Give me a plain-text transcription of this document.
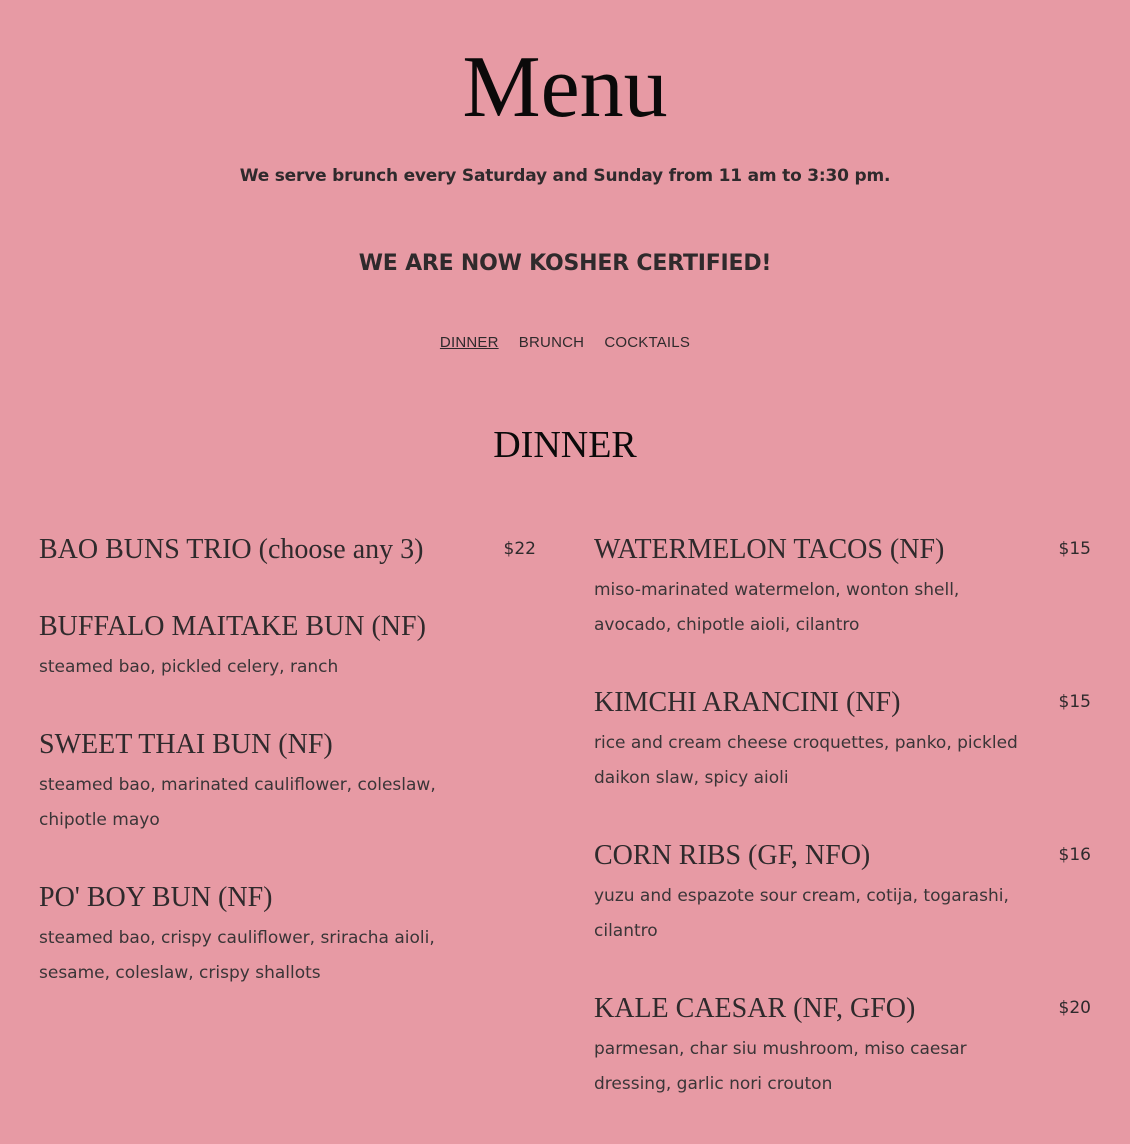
Menu
We serve brunch every Saturday and Sunday from 11 am to 3:30 pm.
WE ARE NOW KOSHER CERTIFIED!
DINNER BRUNCH COCKTAILS
DINNER
BAO BUNS TRIO (choose any 3)	$22
BUFFALO MAITAKE BUN (NF)
steamed bao, pickled celery, ranch
SWEET THAI BUN (NF)
steamed bao, marinated cauliflower, coleslaw, chipotle mayo
PO' BOY BUN (NF)
steamed bao, crispy cauliflower, sriracha aioli, sesame, coleslaw, crispy shallots
WATERMELON TACOS (NF)	$15
miso-marinated watermelon, wonton shell, avocado, chipotle aioli, cilantro
KIMCHI ARANCINI (NF)	$15
rice and cream cheese croquettes, panko, pickled daikon slaw, spicy aioli
CORN RIBS (GF, NFO)	$16
yuzu and espazote sour cream, cotija, togarashi, cilantro
KALE CAESAR (NF, GFO)	$20
parmesan, char siu mushroom, miso caesar dressing, garlic nori crouton
